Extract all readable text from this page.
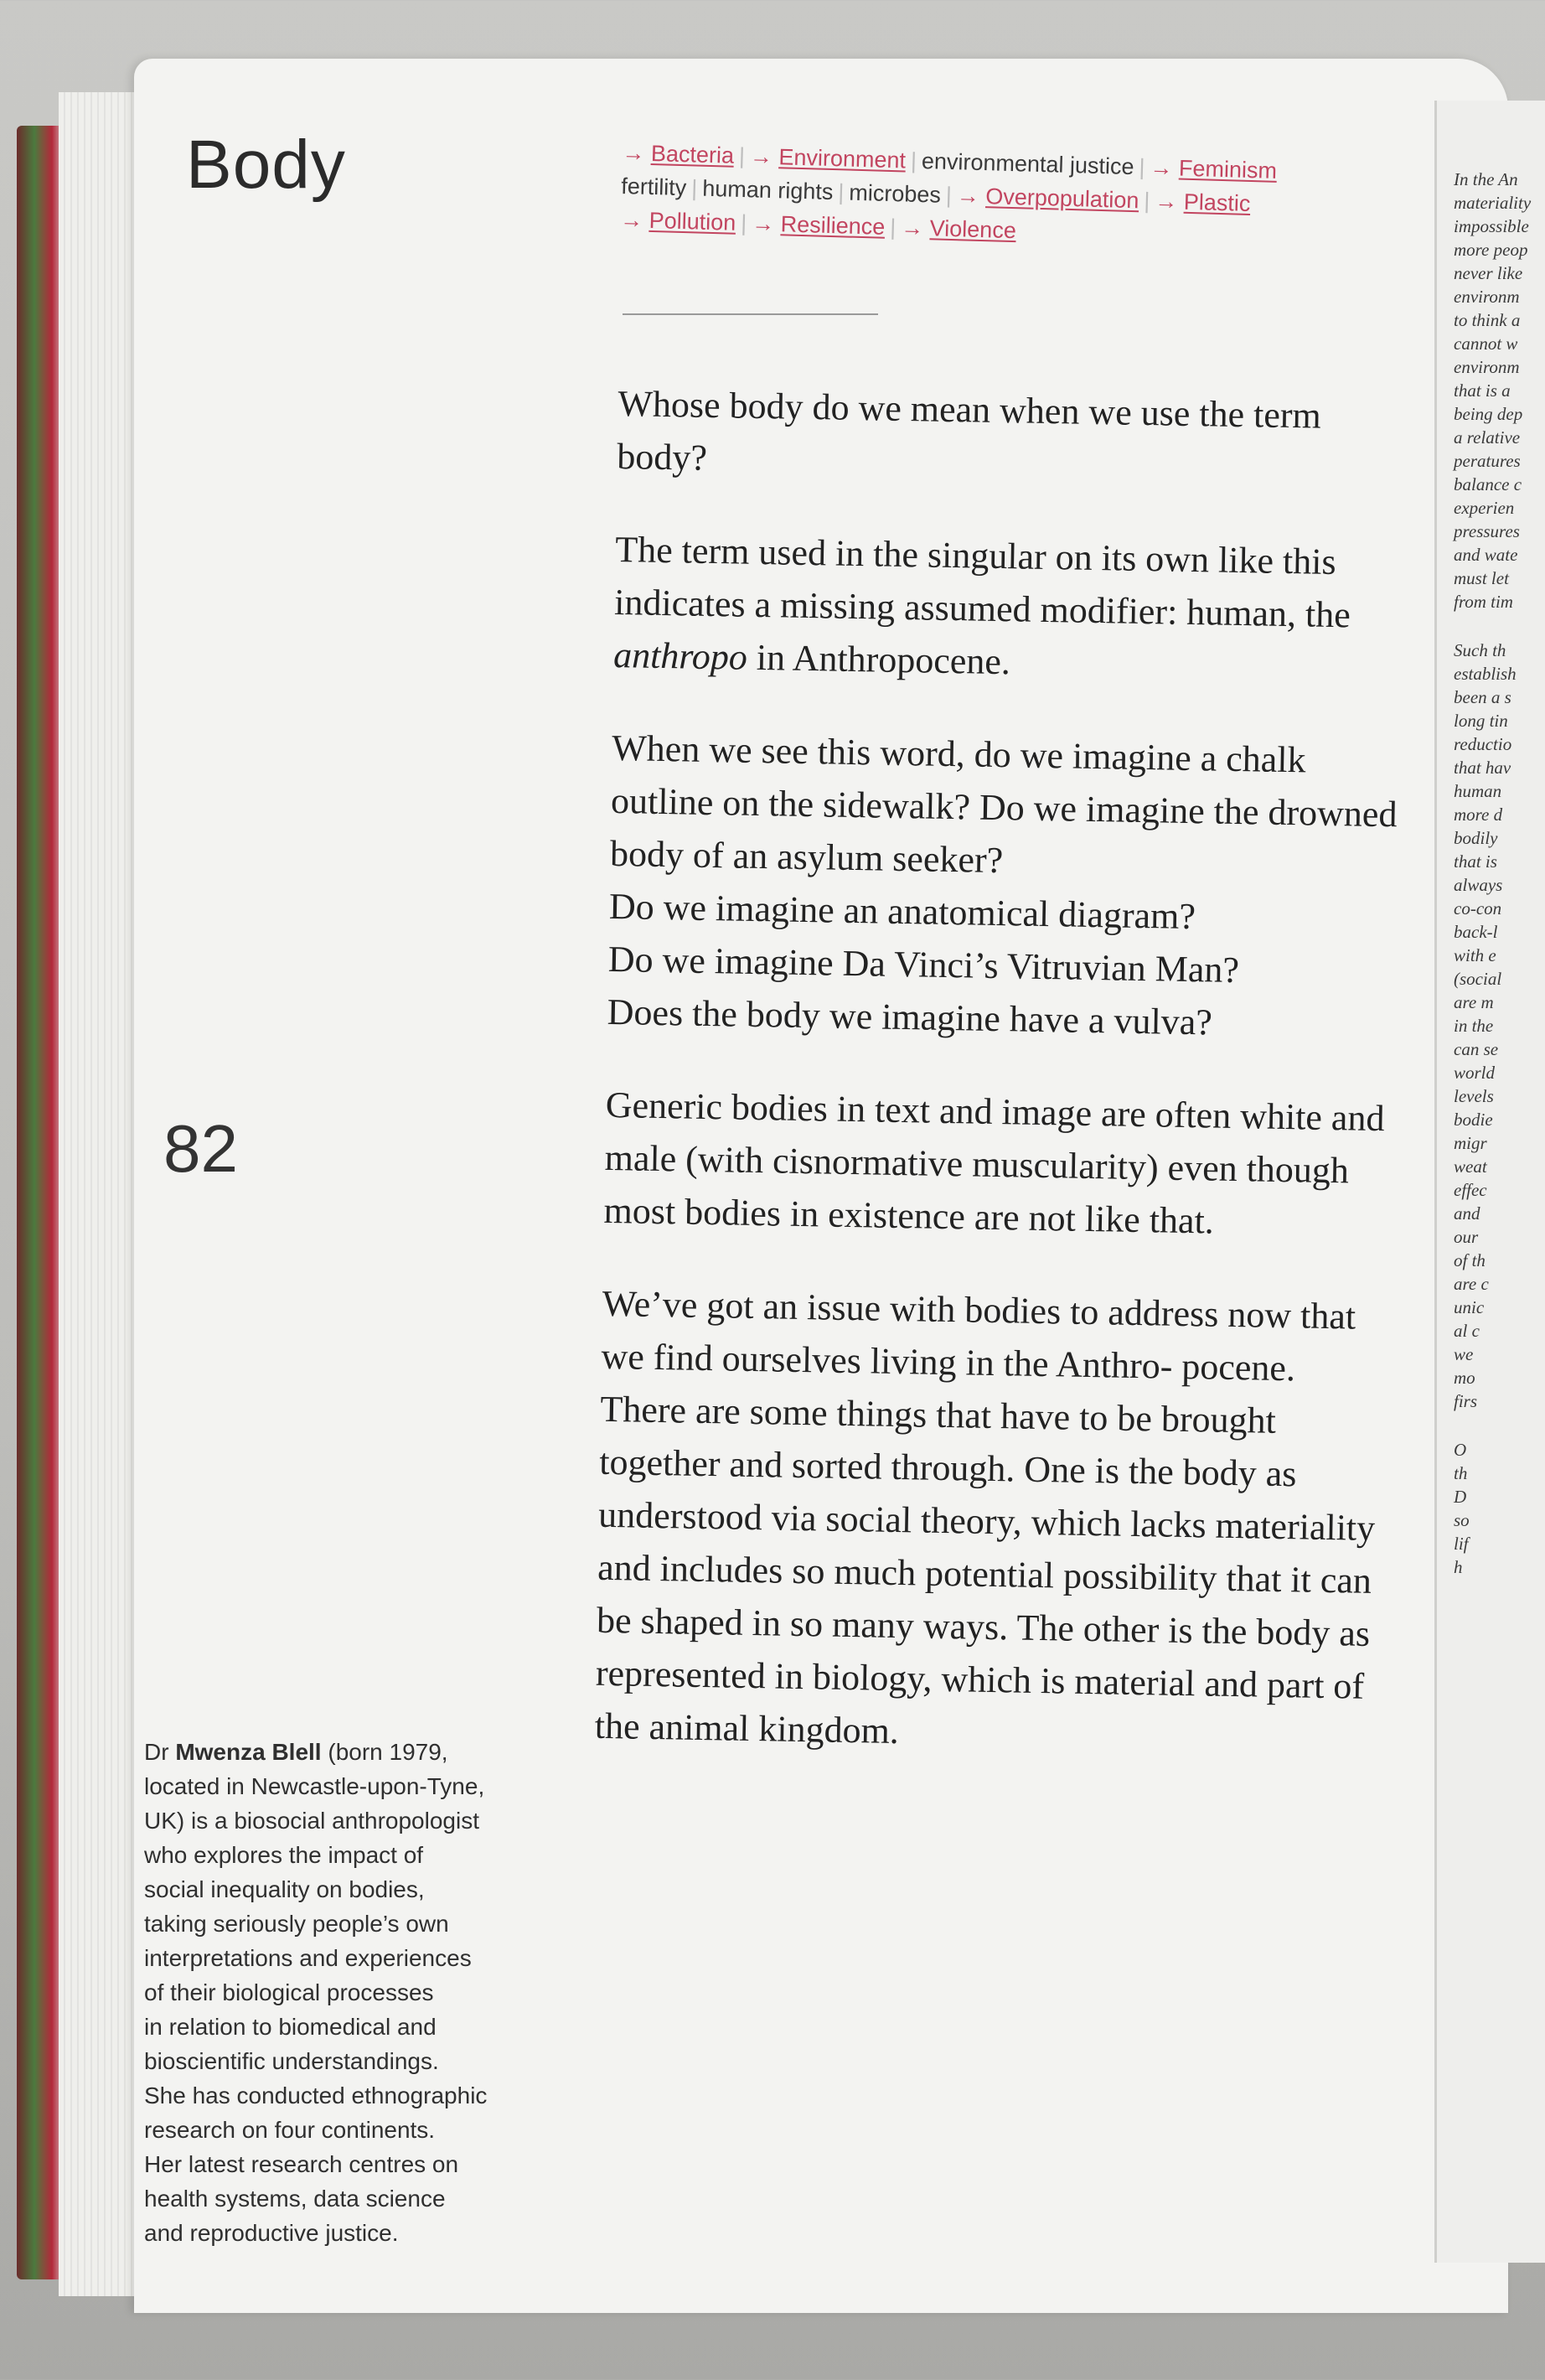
In the An
materiality
impossible
more peop
never like
environm
to think a
cannot w
environm
that is a
being dep
a relative
peratures
balance c
experien
pressures
and wate
must let
from tim
Such th
establish
been a s
long tin
reductio
that hav
human
more d
bodily
that is
always
co-con
back-l
with e
(social
are m
in the
can se
world
levels
bodie
migr
weat
effec
and
our
of th
are c
unic
al c
we
mo
firs
O
th
D
so
lif
h
Body	→ Bacteria | → Environment | environmental justice | → Feminism
fertility | human rights | microbes | → Overpopulation | → Plastic
→ Pollution | → Resilience | → Violence

Whose body do we mean when we use the term body?

The term used in the singular on its own like this indicates a missing assumed modifier: human, the anthropo in Anthropocene.

When we see this word, do we imagine a chalk outline on the sidewalk? Do we imagine the drowned body of an asylum seeker?
Do we imagine an anatomical diagram?
Do we imagine Da Vinci’s Vitruvian Man?
Does the body we imagine have a vulva?

Generic bodies in text and image are often white and male (with cisnormative muscularity) even though most bodies in existence are not like that.

We’ve got an issue with bodies to address now that we find ourselves living in the Anthro- pocene. There are some things that have to be brought together and sorted through. One is the body as understood via social theory, which lacks materiality and includes so much potential possibility that it can be shaped in so many ways. The other is the body as represented in biology, which is material and part of the animal kingdom.

82
Dr Mwenza Blell (born 1979,
located in Newcastle-upon-Tyne,
UK) is a biosocial anthropologist
who explores the impact of
social inequality on bodies,
taking seriously people’s own
interpretations and experiences
of their biological processes
in relation to biomedical and
bioscientific understandings.
She has conducted ethnographic
research on four continents.
Her latest research centres on
health systems, data science
and reproductive justice.
